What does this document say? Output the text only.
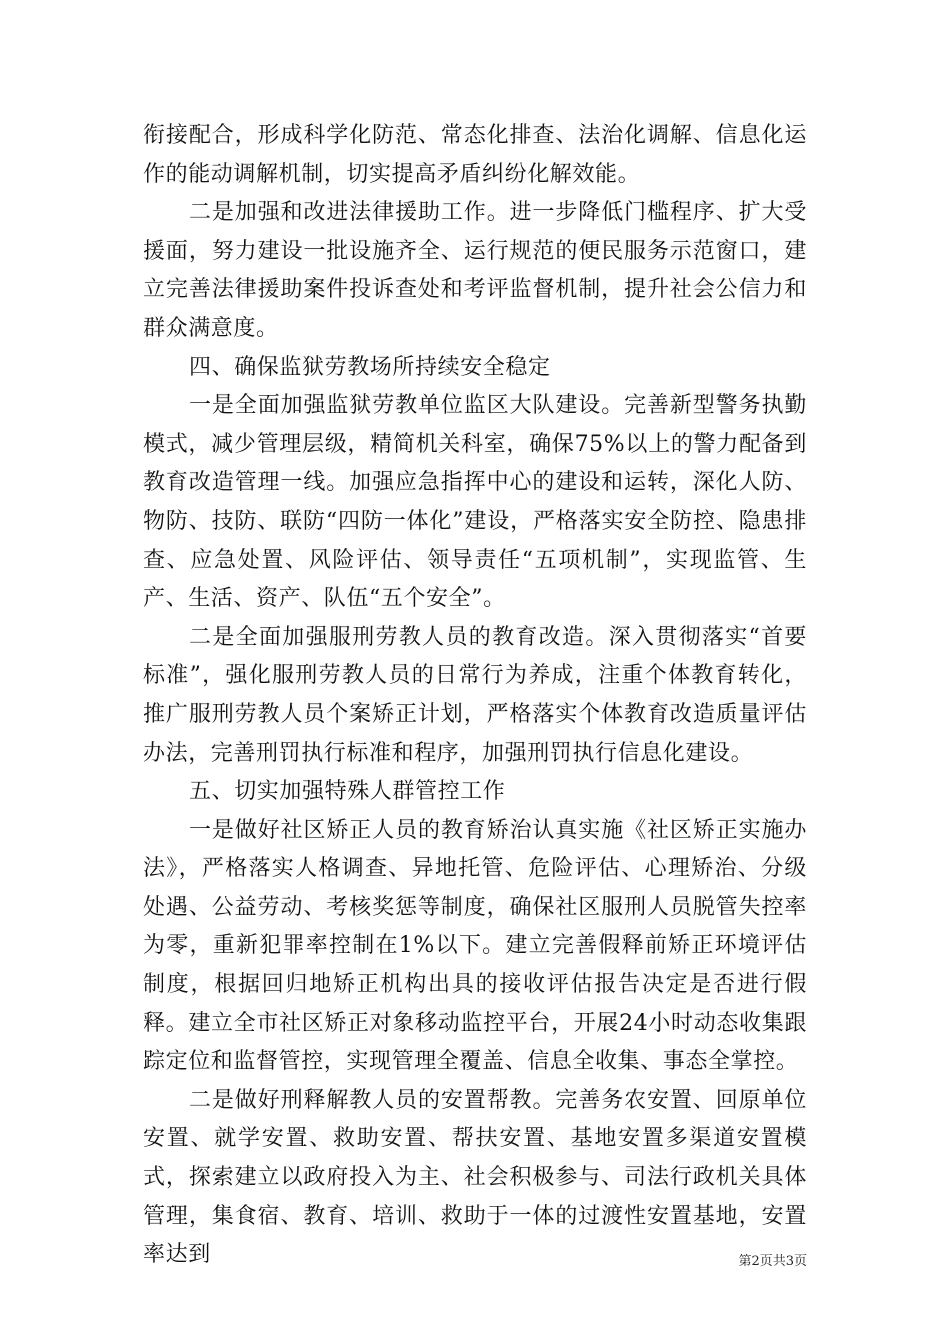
衔接配合，形成科学化防范、常态化排查、法治化调解、信息化运作的能动调解机制，切实提高矛盾纠纷化解效能。

二是加强和改进法律援助工作。进一步降低门槛程序、扩大受援面，努力建设一批设施齐全、运行规范的便民服务示范窗口，建立完善法律援助案件投诉查处和考评监督机制，提升社会公信力和群众满意度。

四、确保监狱劳教场所持续安全稳定

一是全面加强监狱劳教单位监区大队建设。完善新型警务执勤模式，减少管理层级，精简机关科室，确保75%以上的警力配备到教育改造管理一线。加强应急指挥中心的建设和运转，深化人防、物防、技防、联防“四防一体化”建设，严格落实安全防控、隐患排查、应急处置、风险评估、领导责任“五项机制”，实现监管、生产、生活、资产、队伍“五个安全”。

二是全面加强服刑劳教人员的教育改造。深入贯彻落实“首要标准”，强化服刑劳教人员的日常行为养成，注重个体教育转化，推广服刑劳教人员个案矫正计划，严格落实个体教育改造质量评估办法，完善刑罚执行标准和程序，加强刑罚执行信息化建设。

五、切实加强特殊人群管控工作

一是做好社区矫正人员的教育矫治认真实施《社区矫正实施办法》，严格落实人格调查、异地托管、危险评估、心理矫治、分级处遇、公益劳动、考核奖惩等制度，确保社区服刑人员脱管失控率为零，重新犯罪率控制在1%以下。建立完善假释前矫正环境评估制度，根据回归地矫正机构出具的接收评估报告决定是否进行假释。建立全市社区矫正对象移动监控平台，开展24小时动态收集跟踪定位和监督管控，实现管理全覆盖、信息全收集、事态全掌控。

二是做好刑释解教人员的安置帮教。完善务农安置、回原单位安置、就学安置、救助安置、帮扶安置、基地安置多渠道安置模式，探索建立以政府投入为主、社会积极参与、司法行政机关具体管理，集食宿、教育、培训、救助于一体的过渡性安置基地，安置率达到	第2页共3页
